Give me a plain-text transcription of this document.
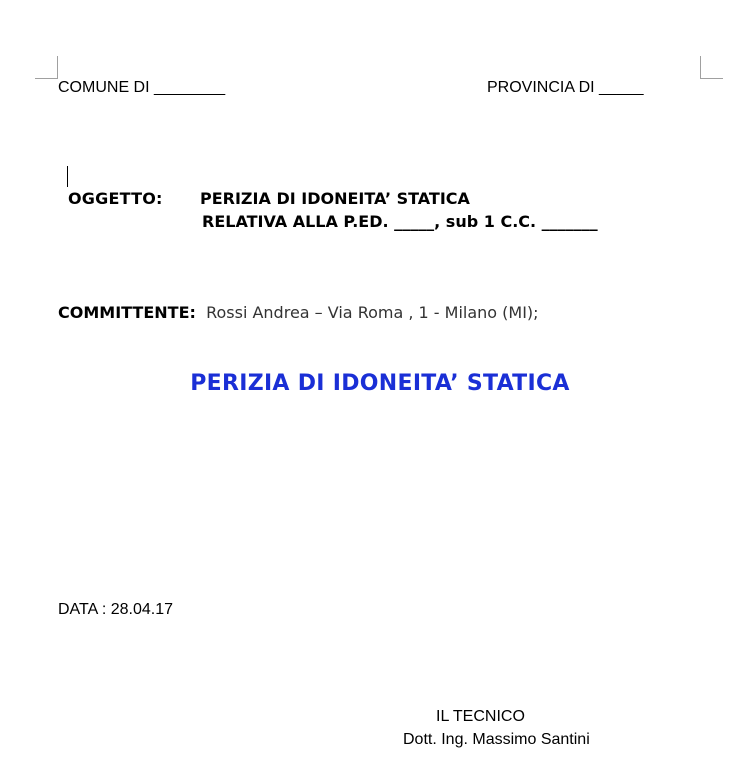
COMUNE DI ________	PROVINCIA DI _____
OGGETTO: PERIZIA DI IDONEITA’ STATICA
RELATIVA ALLA P.ED. _____, sub 1 C.C. _______
COMMITTENTE: Rossi Andrea – Via Roma , 1 - Milano (MI);
PERIZIA DI IDONEITA’ STATICA
DATA : 28.04.17
IL TECNICO
Dott. Ing. Massimo Santini
